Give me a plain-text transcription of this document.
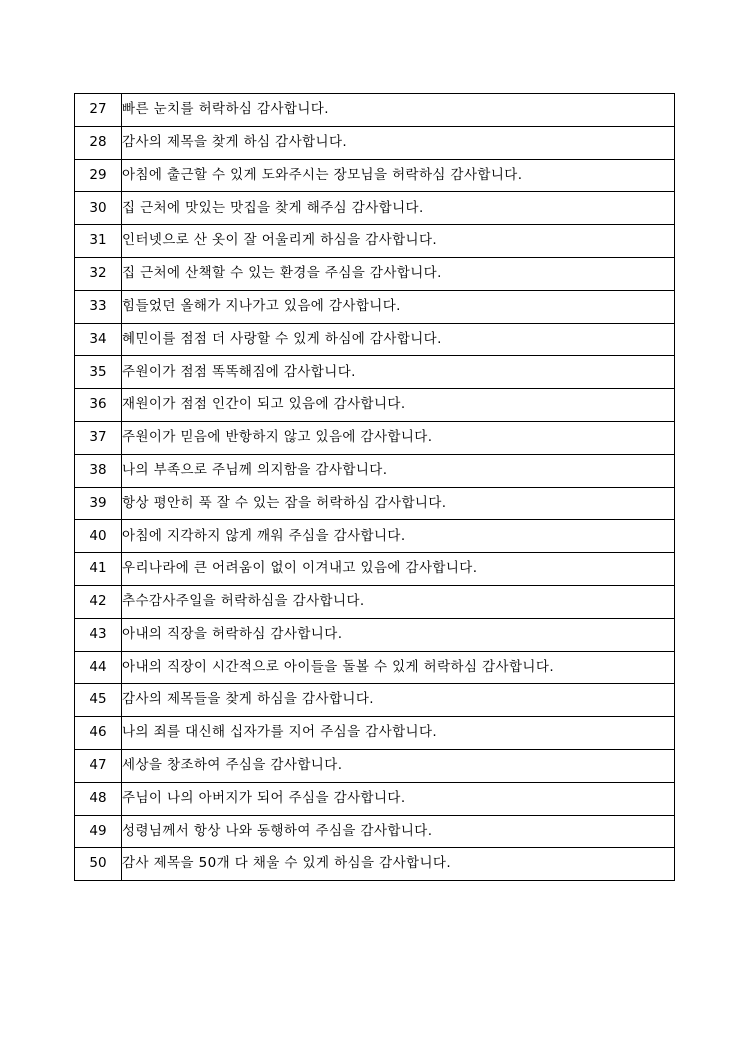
27	빠른 눈치를 허락하심 감사합니다.
28	감사의 제목을 찾게 하심 감사합니다.
29	아침에 출근할 수 있게 도와주시는 장모님을 허락하심 감사합니다.
30	집 근처에 맛있는 맛집을 찾게 해주심 감사합니다.
31	인터넷으로 산 옷이 잘 어울리게 하심을 감사합니다.
32	집 근처에 산책할 수 있는 환경을 주심을 감사합니다.
33	힘들었던 올해가 지나가고 있음에 감사합니다.
34	혜민이를 점점 더 사랑할 수 있게 하심에 감사합니다.
35	주원이가 점점 똑똑해짐에 감사합니다.
36	재원이가 점점 인간이 되고 있음에 감사합니다.
37	주원이가 믿음에 반항하지 않고 있음에 감사합니다.
38	나의 부족으로 주님께 의지함을 감사합니다.
39	항상 평안히 푹 잘 수 있는 잠을 허락하심 감사합니다.
40	아침에 지각하지 않게 깨워 주심을 감사합니다.
41	우리나라에 큰 어려움이 없이 이겨내고 있음에 감사합니다.
42	추수감사주일을 허락하심을 감사합니다.
43	아내의 직장을 허락하심 감사합니다.
44	아내의 직장이 시간적으로 아이들을 돌볼 수 있게 허락하심 감사합니다.
45	감사의 제목들을 찾게 하심을 감사합니다.
46	나의 죄를 대신해 십자가를 지어 주심을 감사합니다.
47	세상을 창조하여 주심을 감사합니다.
48	주님이 나의 아버지가 되어 주심을 감사합니다.
49	성령님께서 항상 나와 동행하여 주심을 감사합니다.
50	감사 제목을 50개 다 채울 수 있게 하심을 감사합니다.
